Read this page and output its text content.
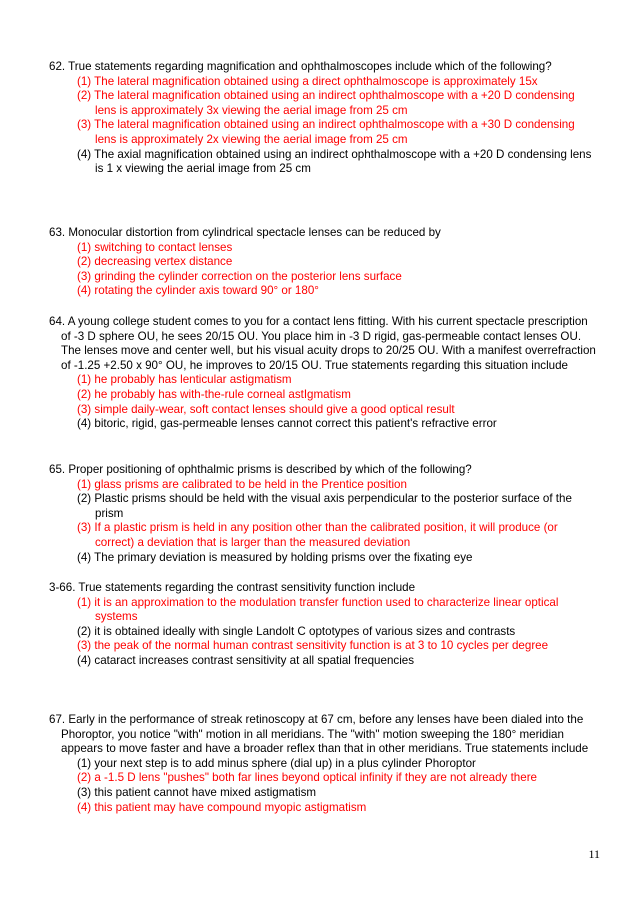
62. True statements regarding magnification and ophthalmoscopes include which of the following?

(1) The lateral magnification obtained using a direct ophthalmoscope is approximately 15x
(2) The lateral magnification obtained using an indirect ophthalmoscope with a +20 D condensing lens is approximately 3x viewing the aerial image from 25 cm
(3) The lateral magnification obtained using an indirect ophthalmoscope with a +30 D condensing lens is approximately 2x viewing the aerial image from 25 cm
(4) The axial magnification obtained using an indirect ophthalmoscope with a +20 D condensing lens is 1 x viewing the aerial image from 25 cm

63. Monocular distortion from cylindrical spectacle lenses can be reduced by

(1) switching to contact lenses
(2) decreasing vertex distance
(3) grinding the cylinder correction on the posterior lens surface
(4) rotating the cylinder axis toward 90° or 180°

64. A young college student comes to you for a contact lens fitting. With his current spectacle prescription of -3 D sphere OU, he sees 20/15 OU. You place him in -3 D rigid, gas-permeable contact lenses OU. The lenses move and center well, but his visual acuity drops to 20/25 OU. With a manifest overrefraction of -1.25 +2.50 x 90° OU, he improves to 20/15 OU. True statements regarding this situation include

(1) he probably has lenticular astigmatism
(2) he probably has with-the-rule corneal astIgmatism
(3) simple daily-wear, soft contact lenses should give a good optical result
(4) bitoric, rigid, gas-permeable lenses cannot correct this patient's refractive error

65. Proper positioning of ophthalmic prisms is described by which of the following?

(1) glass prisms are calibrated to be held in the Prentice position
(2) Plastic prisms should be held with the visual axis perpendicular to the posterior surface of the prism
(3) If a plastic prism is held in any position other than the calibrated position, it will produce (or correct) a deviation that is larger than the measured deviation
(4) The primary deviation is measured by holding prisms over the fixating eye

3-66. True statements regarding the contrast sensitivity function include

(1) it is an approximation to the modulation transfer function used to characterize linear optical systems
(2) it is obtained ideally with single Landolt C optotypes of various sizes and contrasts
(3) the peak of the normal human contrast sensitivity function is at 3 to 10 cycles per degree
(4) cataract increases contrast sensitivity at all spatial frequencies

67. Early in the performance of streak retinoscopy at 67 cm, before any lenses have been dialed into the Phoroptor, you notice "with" motion in all meridians. The "with" motion sweeping the 180° meridian appears to move faster and have a broader reflex than that in other meridians. True statements include

(1) your next step is to add minus sphere (dial up) in a plus cylinder Phoroptor
(2) a -1.5 D lens "pushes" both far lines beyond optical infinity if they are not already there
(3) this patient cannot have mixed astigmatism
(4) this patient may have compound myopic astigmatism
11
